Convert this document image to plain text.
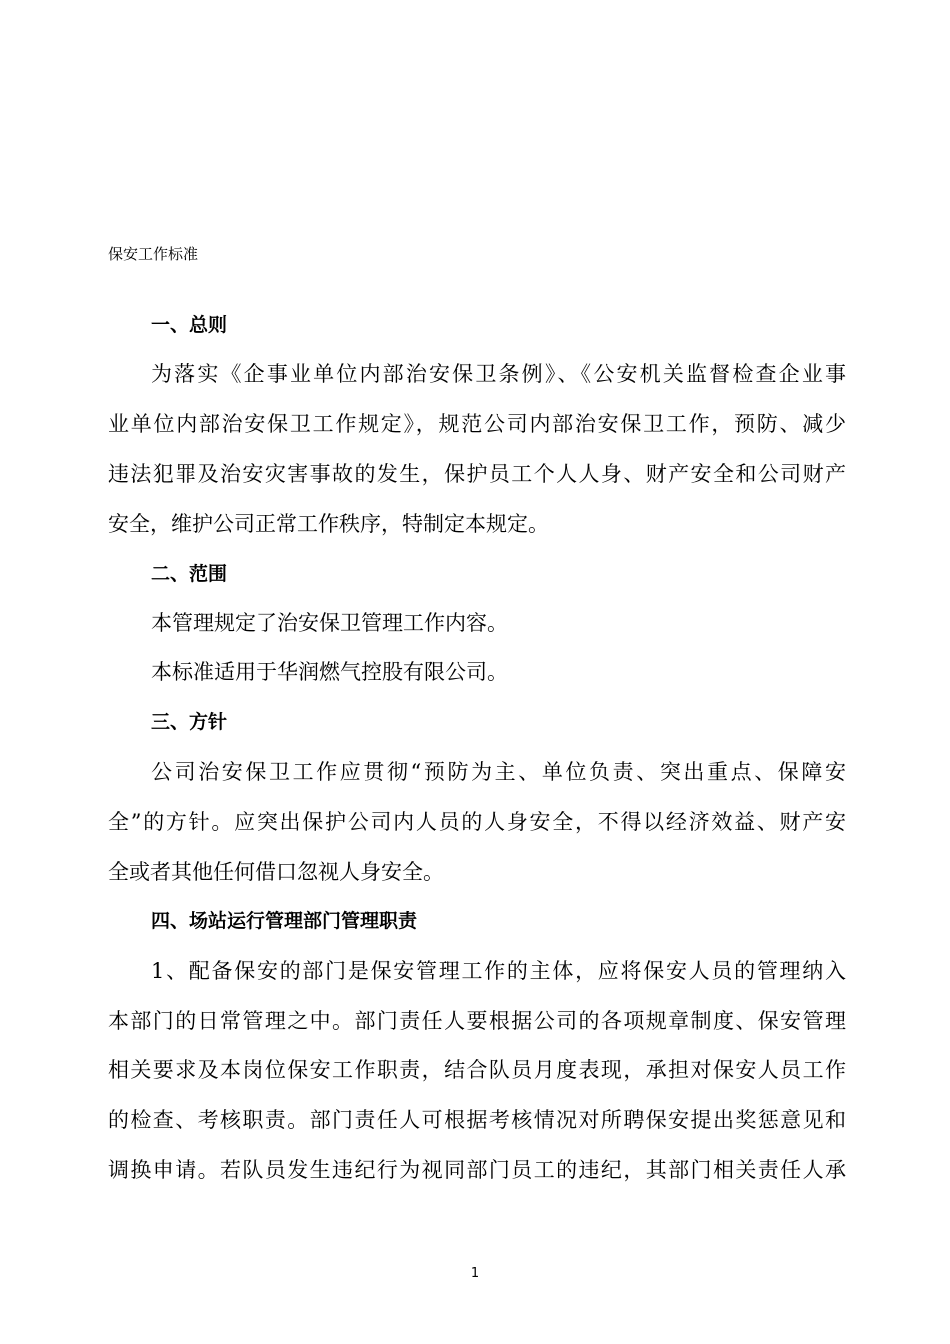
保安工作标准
一、总则
为落实《企事业单位内部治安保卫条例》、《公安机关监督检查企业事
业单位内部治安保卫工作规定》，规范公司内部治安保卫工作，预防、减少
违法犯罪及治安灾害事故的发生，保护员工个人人身、财产安全和公司财产
安全，维护公司正常工作秩序，特制定本规定。
二、范围
本管理规定了治安保卫管理工作内容。
本标准适用于华润燃气控股有限公司。
三、方针
公司治安保卫工作应贯彻“预防为主、单位负责、突出重点、保障安
全”的方针。应突出保护公司内人员的人身安全，不得以经济效益、财产安
全或者其他任何借口忽视人身安全。
四、场站运行管理部门管理职责
1、配备保安的部门是保安管理工作的主体，应将保安人员的管理纳入
本部门的日常管理之中。部门责任人要根据公司的各项规章制度、保安管理
相关要求及本岗位保安工作职责，结合队员月度表现，承担对保安人员工作
的检查、考核职责。部门责任人可根据考核情况对所聘保安提出奖惩意见和
调换申请。若队员发生违纪行为视同部门员工的违纪，其部门相关责任人承
1
